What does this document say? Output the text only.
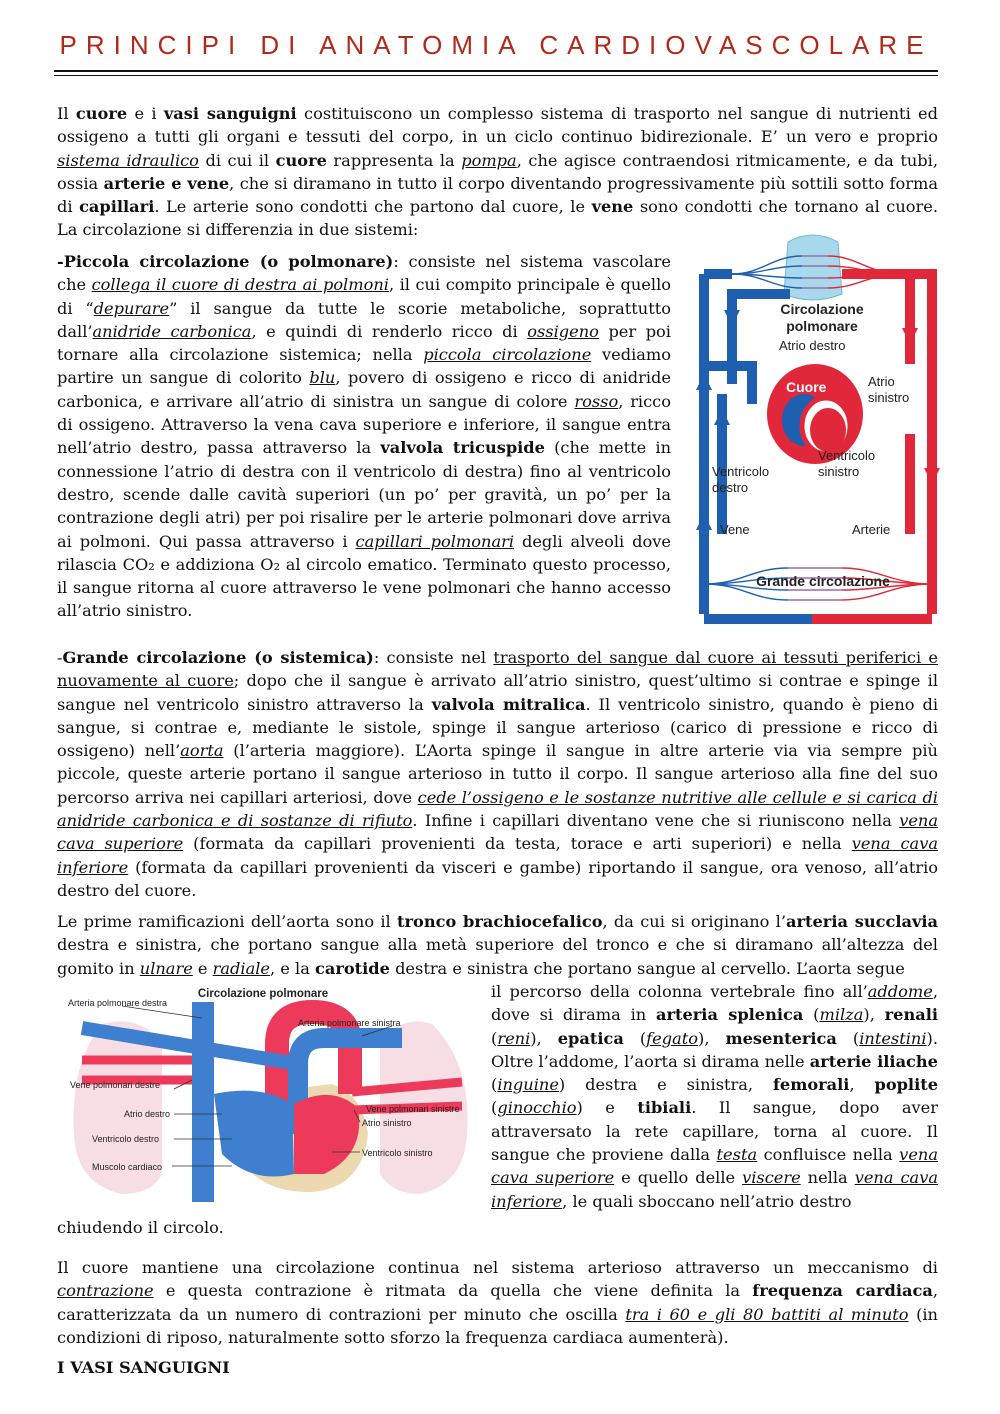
PRINCIPI DI ANATOMIA CARDIOVASCOLARE

Il cuore e i vasi sanguigni costituiscono un complesso sistema di trasporto nel sangue di nutrienti ed ossigeno a tutti gli organi e tessuti del corpo, in un ciclo continuo bidirezionale. E’ un vero e proprio sistema idraulico di cui il cuore rappresenta la pompa, che agisce contraendosi ritmicamente, e da tubi, ossia arterie e vene, che si diramano in tutto il corpo diventando progressivamente più sottili sotto forma di capillari. Le arterie sono condotti che partono dal cuore, le vene sono condotti che tornano al cuore. La circolazione si differenzia in due sistemi:

-Piccola circolazione (o polmonare): consiste nel sistema vascolare che collega il cuore di destra ai polmoni, il cui compito principale è quello di “depurare” il sangue da tutte le scorie metaboliche, soprattutto dall’anidride carbonica, e quindi di renderlo ricco di ossigeno per poi tornare alla circolazione sistemica; nella piccola circolazione vediamo partire un sangue di colorito blu, povero di ossigeno e ricco di anidride carbonica, e arrivare all’atrio di sinistra un sangue di colore rosso, ricco di ossigeno. Attraverso la vena cava superiore e inferiore, il sangue entra nell’atrio destro, passa attraverso la valvola tricuspide (che mette in connessione l’atrio di destra con il ventricolo di destra) fino al ventricolo destro, scende dalle cavità superiori (un po’ per gravità, un po’ per la contrazione degli atri) per poi risalire per le arterie polmonari dove arriva ai polmoni. Qui passa attraverso i capillari polmonari degli alveoli dove rilascia CO₂ e addiziona O₂ al circolo ematico. Terminato questo processo, il sangue ritorna al cuore attraverso le vene polmonari che hanno accesso all’atrio sinistro.

Circolazione
polmonare
Atrio destro
Cuore	Atrio
sinistro
Ventricolo
destro
Ventricolo
sinistro
Vene	Arterie
Grande circolazione

-Grande circolazione (o sistemica): consiste nel trasporto del sangue dal cuore ai tessuti periferici e nuovamente al cuore; dopo che il sangue è arrivato all’atrio sinistro, quest’ultimo si contrae e spinge il sangue nel ventricolo sinistro attraverso la valvola mitralica. Il ventricolo sinistro, quando è pieno di sangue, si contrae e, mediante le sistole, spinge il sangue arterioso (carico di pressione e ricco di ossigeno) nell’aorta (l’arteria maggiore). L’Aorta spinge il sangue in altre arterie via via sempre più piccole, queste arterie portano il sangue arterioso in tutto il corpo. Il sangue arterioso alla fine del suo percorso arriva nei capillari arteriosi, dove cede l’ossigeno e le sostanze nutritive alle cellule e si carica di anidride carbonica e di sostanze di rifiuto. Infine i capillari diventano vene che si riuniscono nella vena cava superiore (formata da capillari provenienti da testa, torace e arti superiori) e nella vena cava inferiore (formata da capillari provenienti da visceri e gambe) riportando il sangue, ora venoso, all’atrio destro del cuore.

Le prime ramificazioni dell’aorta sono il tronco brachiocefalico, da cui si originano l’arteria succlavia destra e sinistra, che portano sangue alla metà superiore del tronco e che si diramano all’altezza del gomito in ulnare e radiale, e la carotide destra e sinistra che portano sangue al cervello. L’aorta segue

il percorso della colonna vertebrale fino all’addome, dove si dirama in arteria splenica (milza), renali (reni), epatica (fegato), mesenterica (intestini). Oltre l’addome, l’aorta si dirama nelle arterie iliache (inguine) destra e sinistra, femorali, poplite (ginocchio) e tibiali. Il sangue, dopo aver attraversato la rete capillare, torna al cuore. Il sangue che proviene dalla testa confluisce nella vena cava superiore e quello delle viscere nella vena cava inferiore, le quali sboccano nell’atrio destro

chiudendo il circolo.

Circolazione polmonare
Arteria polmonare destra
Arteria polmonare sinistra
Vene polmonari destre
Atrio destro	Vene polmonari sinistre
Atrio sinistro
Ventricolo destro
Ventricolo sinistro
Muscolo cardiaco

Il cuore mantiene una circolazione continua nel sistema arterioso attraverso un meccanismo di contrazione e questa contrazione è ritmata da quella che viene definita la frequenza cardiaca, caratterizzata da un numero di contrazioni per minuto che oscilla tra i 60 e gli 80 battiti al minuto (in condizioni di riposo, naturalmente sotto sforzo la frequenza cardiaca aumenterà).

I VASI SANGUIGNI
